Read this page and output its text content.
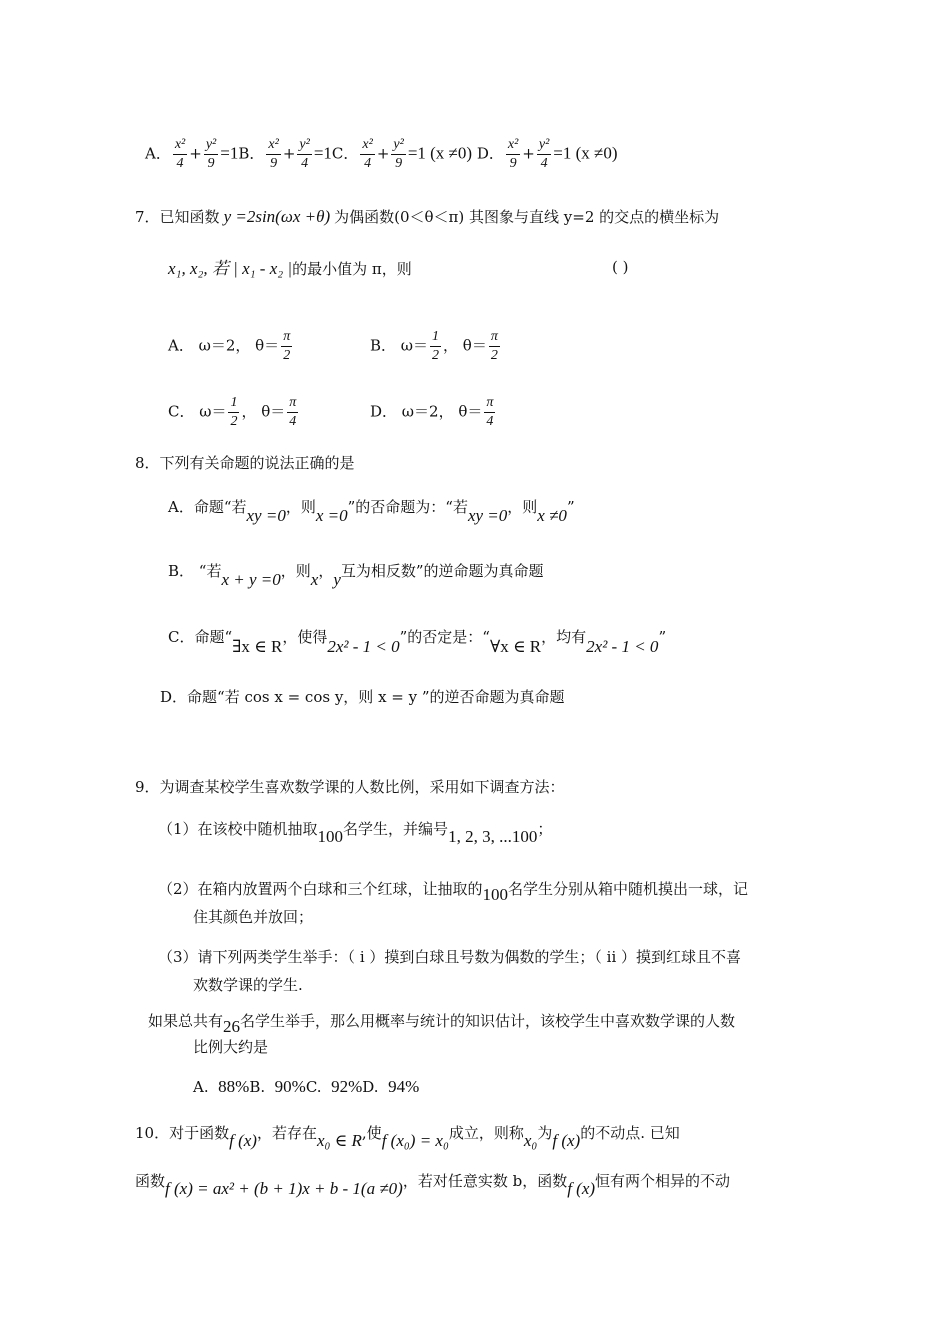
A． $\frac{\text{x²}}{4} + \frac{\text{y²}}{9} =1B$． $\frac{\text{x²}}{9} + \frac{\text{y²}}{4} =1C$． $\frac{\text{x²}}{4} + \frac{\text{y²}}{9} =1$ (x ≠0) D． $\frac{\text{x²}}{9} + \frac{\text{y²}}{4} =1$ (x ≠0)
7．已知函数 y =2sin(ωx +θ) 为偶函数(0＜θ＜π) 其图象与直线 y=2 的交点的横坐标为
x₁, x₂, 若 | x₁ - x₂ |的最小值为 π，则	( )
A． ω＝2， $\theta= \frac{\pi}{2}$	B． $\omega= \frac{1}{2}$ ， $\theta= \frac{\pi}{2}$
C． $\omega= \frac{1}{2}$ ， $\theta= \frac{\pi}{4}$	D． ω＝2， $\theta= \frac{\pi}{4}$
8．下列有关命题的说法正确的是
A．命题“若xy =0，则x =0”的否命题为：“若xy =0，则x ≠0”
B． “若x + y =0，则x，y互为相反数”的逆命题为真命题
C．命题“∃x ∈ R，使得2x² - 1 < 0”的否定是：“∀x ∈ R，均有2x² - 1 < 0”
D．命题“若 cos x = cos y，则 x = y ”的逆否命题为真命题
9．为调查某校学生喜欢数学课的人数比例，采用如下调查方法：
（1）在该校中随机抽取100名学生，并编号1, 2, 3, ...100；
（2）在箱内放置两个白球和三个红球，让抽取的100名学生分别从箱中随机摸出一球，记
住其颜色并放回；
（3）请下列两类学生举手：（ i ）摸到白球且号数为偶数的学生；（ ii ）摸到红球且不喜
欢数学课的学生.
如果总共有26名学生举手，那么用概率与统计的知识估计，该校学生中喜欢数学课的人数
比例大约是
A. 88%B. 90%C. 92%D. 94%
10．对于函数f (x)，若存在x₀ ∈ R,使f (x₀) = x₀成立，则称x₀为f (x)的不动点. 已知
函数f (x) = ax² + (b + 1)x + b - 1(a ≠0)，若对任意实数 b，函数f (x)恒有两个相异的不动
